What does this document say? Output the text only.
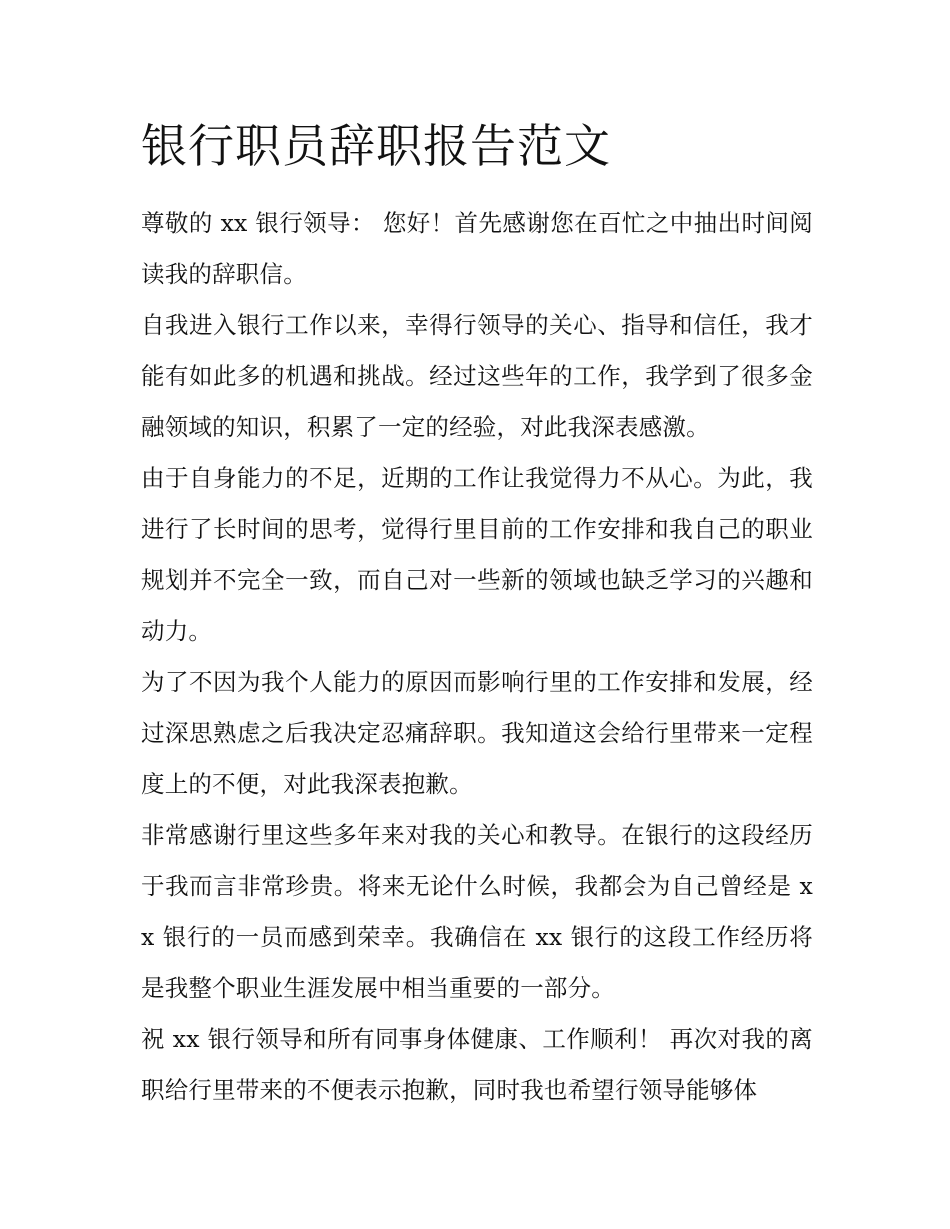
银行职员辞职报告范文

尊敬的 xx 银行领导： 您好！首先感谢您在百忙之中抽出时间阅读我的辞职信。

自我进入银行工作以来，幸得行领导的关心、指导和信任，我才能有如此多的机遇和挑战。经过这些年的工作，我学到了很多金融领域的知识，积累了一定的经验，对此我深表感激。

由于自身能力的不足，近期的工作让我觉得力不从心。为此，我进行了长时间的思考，觉得行里目前的工作安排和我自己的职业规划并不完全一致，而自己对一些新的领域也缺乏学习的兴趣和动力。

为了不因为我个人能力的原因而影响行里的工作安排和发展，经过深思熟虑之后我决定忍痛辞职。我知道这会给行里带来一定程度上的不便，对此我深表抱歉。

非常感谢行里这些多年来对我的关心和教导。在银行的这段经历于我而言非常珍贵。将来无论什么时候，我都会为自己曾经是 xx 银行的一员而感到荣幸。我确信在 xx 银行的这段工作经历将是我整个职业生涯发展中相当重要的一部分。

祝 xx 银行领导和所有同事身体健康、工作顺利！ 再次对我的离职给行里带来的不便表示抱歉，同时我也希望行领导能够体
